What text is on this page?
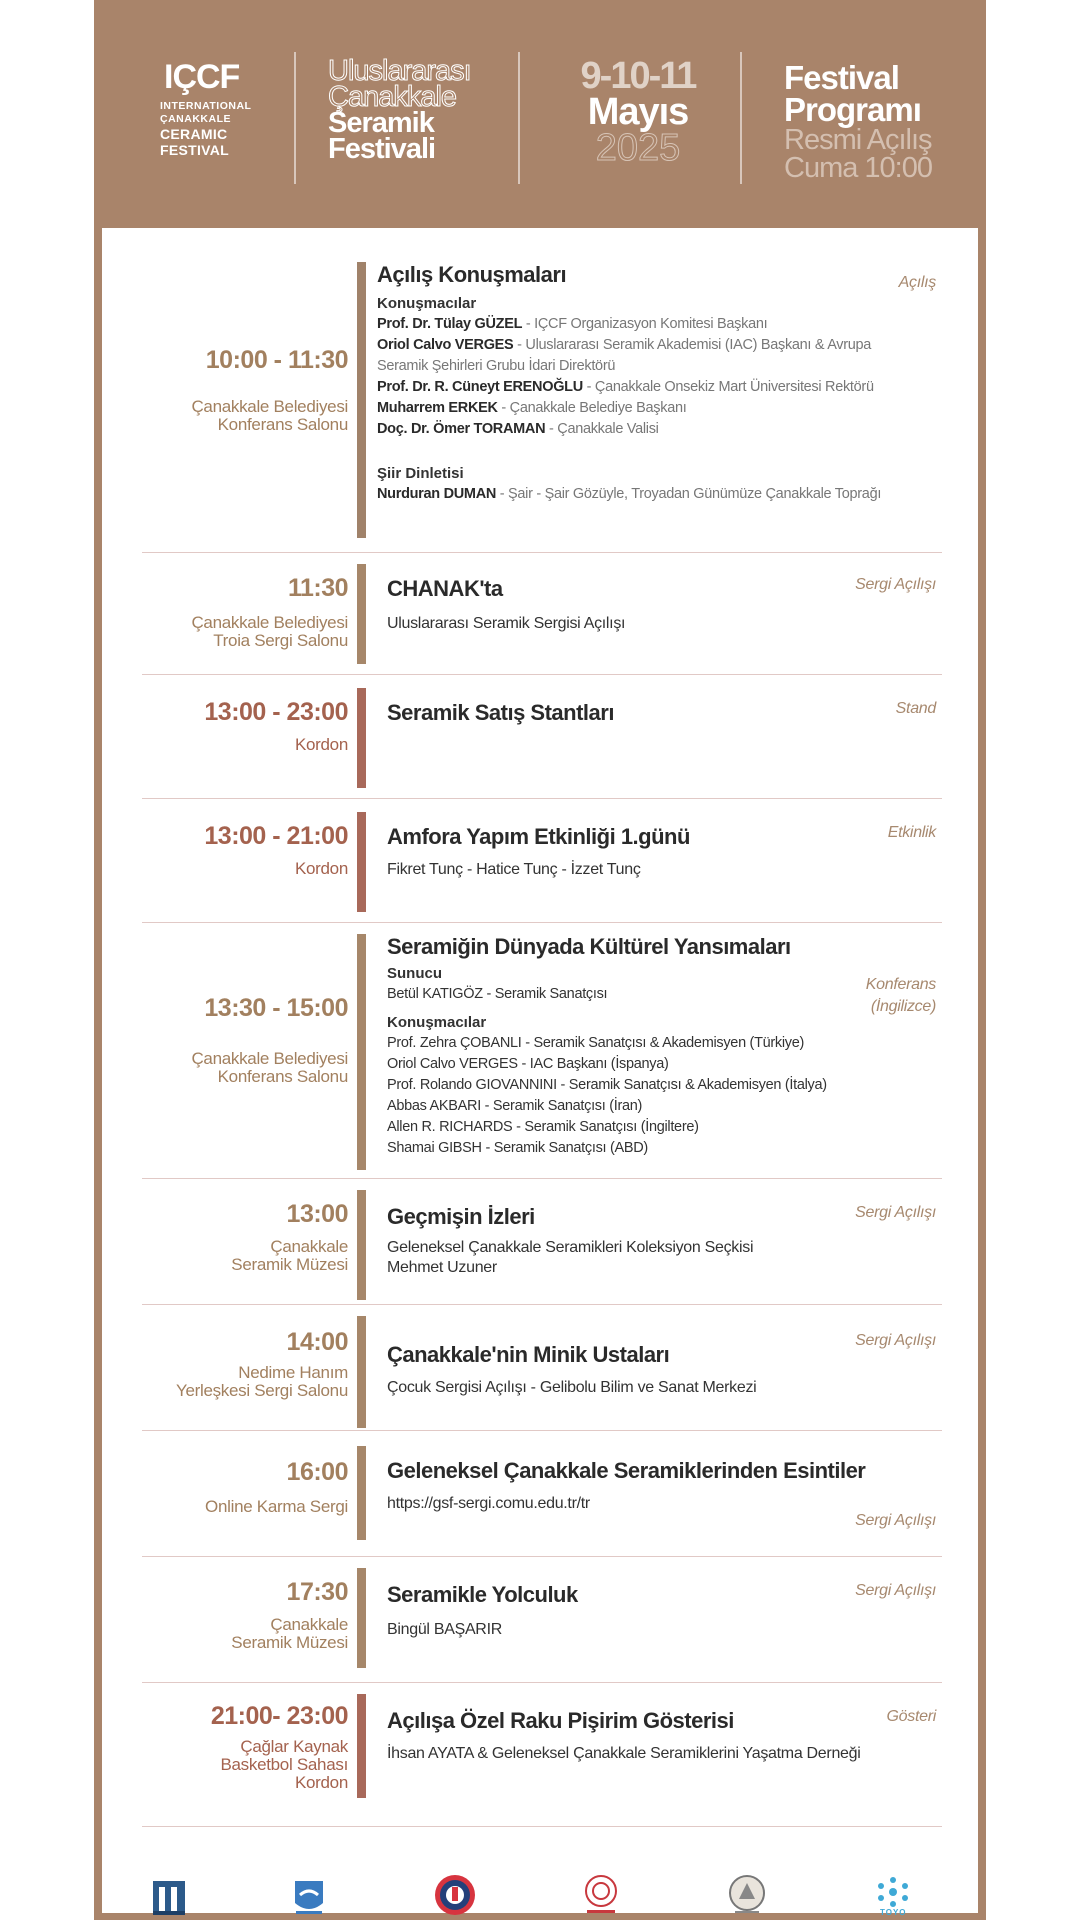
IÇCF
INTERNATIONAL
ÇANAKKALE
CERAMIC
FESTIVAL
Uluslararası
Çanakkale
Seramik
Festivali
9-10-11
Mayıs
2025
Festival
Programı
Resmi Açılış
Cuma 10:00
10:00 - 11:30
Çanakkale Belediyesi
Konferans Salonu
Açılış Konuşmaları
Konuşmacılar
Prof. Dr. Tülay GÜZEL - IÇCF Organizasyon Komitesi Başkanı
Oriol Calvo VERGES - Uluslararası Seramik Akademisi (IAC) Başkanı & Avrupa
Seramik Şehirleri Grubu İdari Direktörü
Prof. Dr. R. Cüneyt ERENOĞLU - Çanakkale Onsekiz Mart Üniversitesi Rektörü
Muharrem ERKEK - Çanakkale Belediye Başkanı
Doç. Dr. Ömer TORAMAN - Çanakkale Valisi
Şiir Dinletisi
Nurduran DUMAN - Şair - Şair Gözüyle, Troyadan Günümüze Çanakkale Toprağı
Açılış
11:30
Çanakkale Belediyesi
Troia Sergi Salonu
CHANAK'ta
Uluslararası Seramik Sergisi Açılışı
Sergi Açılışı
13:00 - 23:00
Kordon
Seramik Satış Stantları	Stand
13:00 - 21:00
Kordon
Amfora Yapım Etkinliği 1.günü
Fikret Tunç - Hatice Tunç - İzzet Tunç
Etkinlik
13:30 - 15:00
Çanakkale Belediyesi
Konferans Salonu
Seramiğin Dünyada Kültürel Yansımaları
Sunucu
Betül KATIGÖZ - Seramik Sanatçısı
Konuşmacılar
Prof. Zehra ÇOBANLI - Seramik Sanatçısı & Akademisyen (Türkiye)
Oriol Calvo VERGES - IAC Başkanı (İspanya)
Prof. Rolando GIOVANNINI - Seramik Sanatçısı & Akademisyen (İtalya)
Abbas AKBARI - Seramik Sanatçısı (İran)
Allen R. RICHARDS - Seramik Sanatçısı (İngiltere)
Shamai GIBSH - Seramik Sanatçısı (ABD)
Konferans
(İngilizce)
13:00
Çanakkale
Seramik Müzesi
Geçmişin İzleri
Geleneksel Çanakkale Seramikleri Koleksiyon Seçkisi
Mehmet Uzuner
Sergi Açılışı
14:00
Nedime Hanım
Yerleşkesi Sergi Salonu
Çanakkale'nin Minik Ustaları
Çocuk Sergisi Açılışı - Gelibolu Bilim ve Sanat Merkezi
Sergi Açılışı
16:00
Online Karma Sergi
Geleneksel Çanakkale Seramiklerinden Esintiler
https://gsf-sergi.comu.edu.tr/tr
Sergi Açılışı
17:30
Çanakkale
Seramik Müzesi
Seramikle Yolculuk
Bingül BAŞARIR
Sergi Açılışı
21:00- 23:00
Çağlar Kaynak
Basketbol Sahası
Kordon
Açılışa Özel Raku Pişirim Gösterisi
İhsan AYATA & Geleneksel Çanakkale Seramiklerini Yaşatma Derneği
Gösteri
TOYO
